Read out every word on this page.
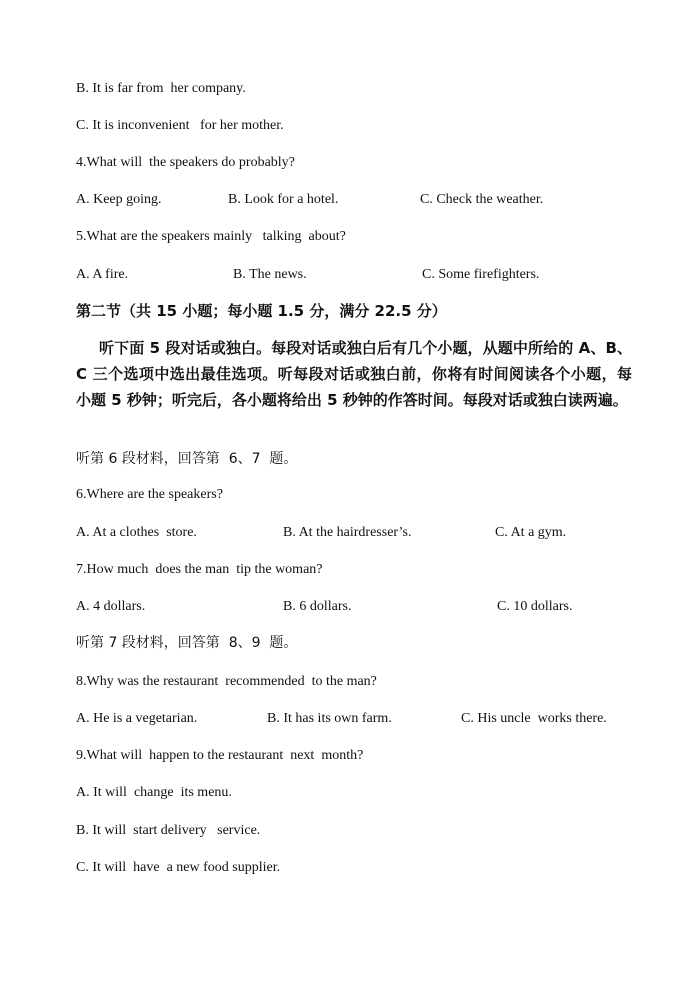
B. It is far from  her company.
C. It is inconvenient   for her mother.
4.What will  the speakers do probably?
A. Keep going.	B. Look for a hotel.	C. Check the weather.
5.What are the speakers mainly   talking  about?
A. A fire.	B. The news.	C. Some firefighters.
第二节（共 15 小题；每小题 1.5 分，满分 22.5 分）
听下面 5 段对话或独白。每段对话或独白后有几个小题，从题中所给的 A、B、C 三个选项中选出最佳选项。听每段对话或独白前，你将有时间阅读各个小题，每小题 5 秒钟；听完后，各小题将给出 5 秒钟的作答时间。每段对话或独白读两遍。
听第 6 段材料，回答第  6、7  题。
6.Where are the speakers?
A. At a clothes  store.	B. At the hairdresser’s.	C. At a gym.
7.How much  does the man  tip the woman?
A. 4 dollars.	B. 6 dollars.	C. 10 dollars.
听第 7 段材料，回答第  8、9  题。
8.Why was the restaurant  recommended  to the man?
A. He is a vegetarian.	B. It has its own farm.	C. His uncle  works there.
9.What will  happen to the restaurant  next  month?
A. It will  change  its menu.
B. It will  start delivery   service.
C. It will  have  a new food supplier.
